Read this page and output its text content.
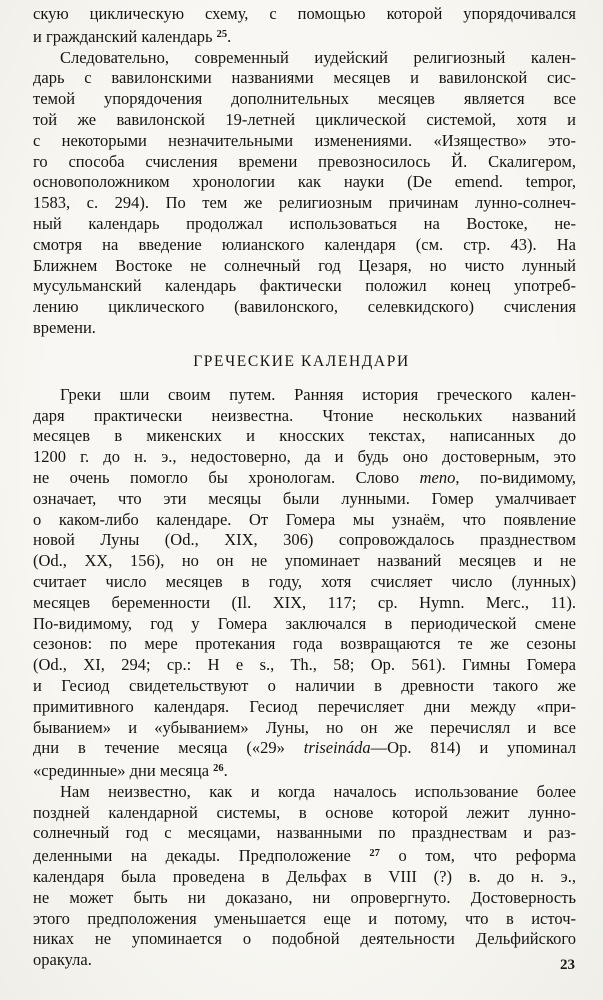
скую циклическую схему, с помощью которой упорядочивался
и гражданский календарь $^{25}$.
Следовательно, современный иудейский религиозный кален-
дарь с вавилонскими названиями месяцев и вавилонской сис-
темой упорядочения дополнительных месяцев является все
той же вавилонской 19-летней циклической системой, хотя и
с некоторыми незначительными изменениями. «Изящество» это-
го способа счисления времени превозносилось Й. Скалигером,
основоположником хронологии как науки (De emend. tempor,
1583, с. 294). По тем же религиозным причинам лунно-солнеч-
ный календарь продолжал использоваться на Востоке, не-
смотря на введение юлианского календаря (см. стр. 43). На
Ближнем Востоке не солнечный год Цезаря, но чисто лунный
мусульманский календарь фактически положил конец употреб-
лению циклического (вавилонского, селевкидского) счисления
времени.
ГРЕЧЕСКИЕ КАЛЕНДАРИ
Греки шли своим путем. Ранняя история греческого кален-
даря практически неизвестна. Чтоние нескольких названий
месяцев в микенских и кносских текстах, написанных до
1200 г. до н. э., недостоверно, да и будь оно достоверным, это
не очень помогло бы хронологам. Слово meno, по-видимому,
означает, что эти месяцы были лунными. Гомер умалчивает
о каком-либо календаре. От Гомера мы узнаём, что появление
новой Луны (Od., XIX, 306) сопровождалось празднеством
(Od., XX, 156), но он не упоминает названий месяцев и не
считает число месяцев в году, хотя счисляет число (лунных)
месяцев беременности (Il. XIX, 117; ср. Hymn. Merc., 11).
По-видимому, год у Гомера заключался в периодической смене
сезонов: по мере протекания года возвращаются те же сезоны
(Od., XI, 294; ср.: H e s., Th., 58; Op. 561). Гимны Гомера
и Гесиод свидетельствуют о наличии в древности такого же
примитивного календаря. Гесиод перечисляет дни между «при-
быванием» и «убыванием» Луны, но он же перечислял и все
дни в течение месяца («29» triseináda—Op. 814) и упоминал
«срединные» дни месяца $^{26}$.
Нам неизвестно, как и когда началось использование более
поздней календарной системы, в основе которой лежит лунно-
солнечный год с месяцами, названными по празднествам и раз-
деленными на декады. Предположение $^{27}$ о том, что реформа
календаря была проведена в Дельфах в VIII (?) в. до н. э.,
не может быть ни доказано, ни опровергнуто. Достоверность
этого предположения уменьшается еще и потому, что в источ-
никах не упоминается о подобной деятельности Дельфийского
оракула.	23
